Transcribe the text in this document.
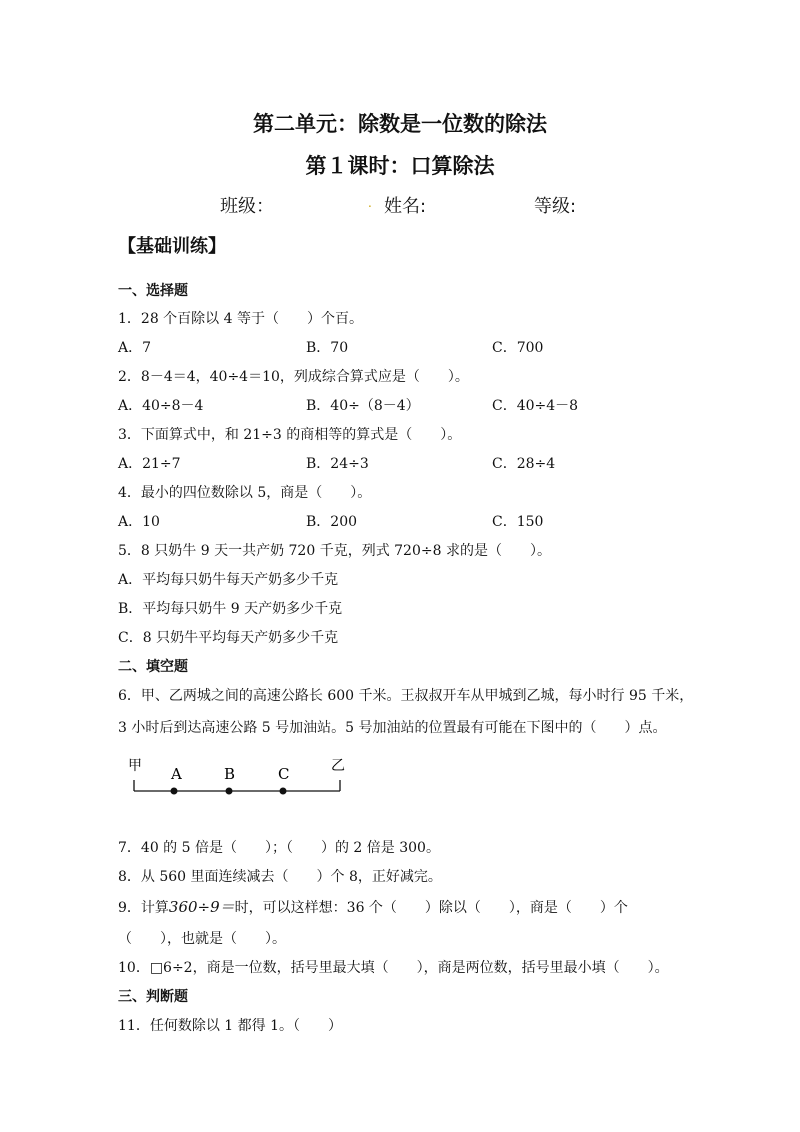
第二单元：除数是一位数的除法
第１课时：口算除法
班级：	. 姓名:	等级:
【基础训练】
一、选择题
1．28 个百除以 4 等于（　　）个百。
A．7	B．70	C．700
2．8－4＝4，40÷4＝10，列成综合算式应是（　　）。
A．40÷8－4	B．40÷（8－4）	C．40÷4－8
3．下面算式中，和 21÷3 的商相等的算式是（　　）。
A．21÷7	B．24÷3	C．28÷4
4．最小的四位数除以 5，商是（　　）。
A．10	B．200	C．150
5．8 只奶牛 9 天一共产奶 720 千克，列式 720÷8 求的是（　　）。
A．平均每只奶牛每天产奶多少千克
B．平均每只奶牛 9 天产奶多少千克
C．8 只奶牛平均每天产奶多少千克
二、填空题
6．甲、乙两城之间的高速公路长 600 千米。王叔叔开车从甲城到乙城，每小时行 95 千米，
3 小时后到达高速公路 5 号加油站。5 号加油站的位置最有可能在下图中的（　　）点。
甲 A	B	C	乙
7．40 的 5 倍是（　　）；（　　）的 2 倍是 300。
8．从 560 里面连续减去（　　）个 8，正好减完。
9．计算360÷9＝时，可以这样想：36 个（　　）除以（　　），商是（　　）个
（　　），也就是（　　）。
10．□6÷2，商是一位数，括号里最大填（　　），商是两位数，括号里最小填（　　）。
三、判断题
11．任何数除以 1 都得 1。（　　）
